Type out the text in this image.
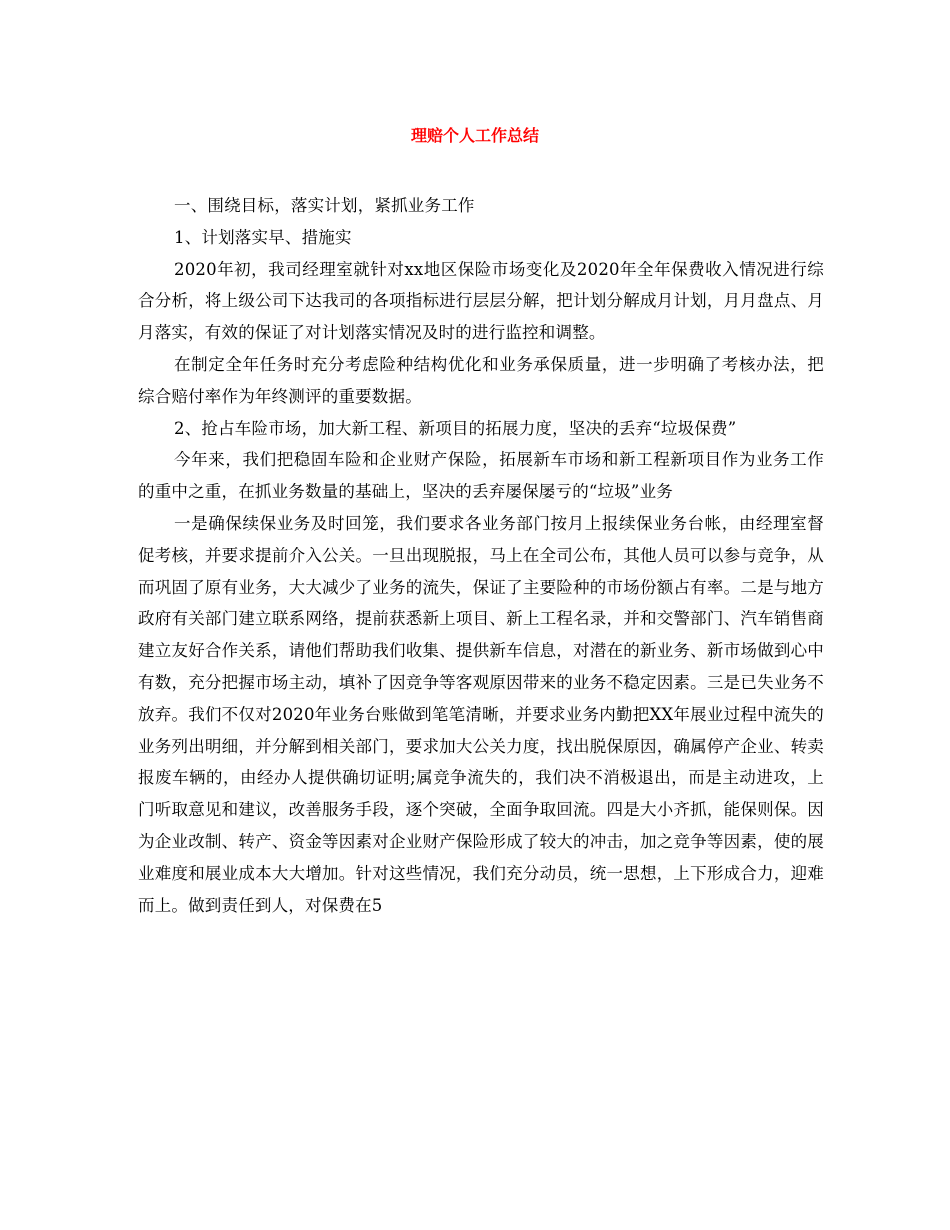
理赔个人工作总结

一、围绕目标，落实计划，紧抓业务工作

1、计划落实早、措施实

2020年初，我司经理室就针对xx地区保险市场变化及2020年全年保费收入情况进行综合分析，将上级公司下达我司的各项指标进行层层分解，把计划分解成月计划，月月盘点、月月落实，有效的保证了对计划落实情况及时的进行监控和调整。

在制定全年任务时充分考虑险种结构优化和业务承保质量，进一步明确了考核办法，把综合赔付率作为年终测评的重要数据。

2、抢占车险市场，加大新工程、新项目的拓展力度，坚决的丢弃“垃圾保费”

今年来，我们把稳固车险和企业财产保险，拓展新车市场和新工程新项目作为业务工作的重中之重，在抓业务数量的基础上，坚决的丢弃屡保屡亏的“垃圾”业务

一是确保续保业务及时回笼，我们要求各业务部门按月上报续保业务台帐，由经理室督促考核，并要求提前介入公关。一旦出现脱报，马上在全司公布，其他人员可以参与竞争，从而巩固了原有业务，大大减少了业务的流失，保证了主要险种的市场份额占有率。二是与地方政府有关部门建立联系网络，提前获悉新上项目、新上工程名录，并和交警部门、汽车销售商建立友好合作关系，请他们帮助我们收集、提供新车信息，对潜在的新业务、新市场做到心中有数，充分把握市场主动，填补了因竞争等客观原因带来的业务不稳定因素。三是已失业务不放弃。我们不仅对2020年业务台账做到笔笔清晰，并要求业务内勤把XX年展业过程中流失的业务列出明细，并分解到相关部门，要求加大公关力度，找出脱保原因，确属停产企业、转卖报废车辆的，由经办人提供确切证明;属竞争流失的，我们决不消极退出，而是主动进攻，上门听取意见和建议，改善服务手段，逐个突破，全面争取回流。四是大小齐抓，能保则保。因为企业改制、转产、资金等因素对企业财产保险形成了较大的冲击，加之竞争等因素，使的展业难度和展业成本大大增加。针对这些情况，我们充分动员，统一思想，上下形成合力，迎难而上。做到责任到人，对保费在5
